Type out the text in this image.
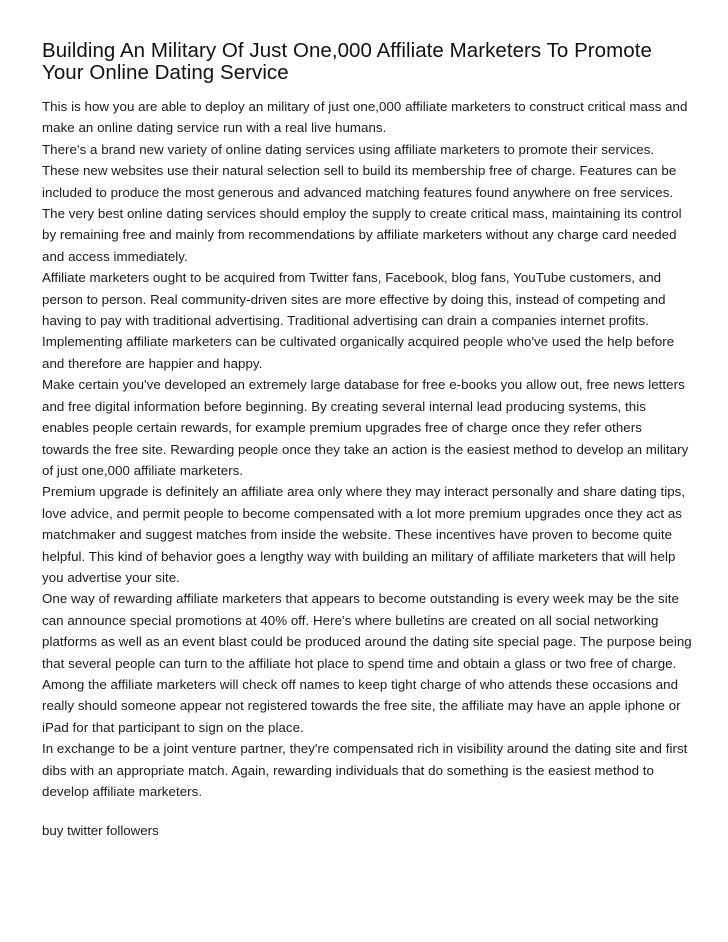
Building An Military Of Just One,000 Affiliate Marketers To Promote Your Online Dating Service

This is how you are able to deploy an military of just one,000 affiliate marketers to construct critical mass and make an online dating service run with a real live humans.

There's a brand new variety of online dating services using affiliate marketers to promote their services. These new websites use their natural selection sell to build its membership free of charge. Features can be included to produce the most generous and advanced matching features found anywhere on free services. The very best online dating services should employ the supply to create critical mass, maintaining its control by remaining free and mainly from recommendations by affiliate marketers without any charge card needed and access immediately.

Affiliate marketers ought to be acquired from Twitter fans, Facebook, blog fans, YouTube customers, and person to person. Real community-driven sites are more effective by doing this, instead of competing and having to pay with traditional advertising. Traditional advertising can drain a companies internet profits. Implementing affiliate marketers can be cultivated organically acquired people who've used the help before and therefore are happier and happy.

Make certain you've developed an extremely large database for free e-books you allow out, free news letters and free digital information before beginning. By creating several internal lead producing systems, this enables people certain rewards, for example premium upgrades free of charge once they refer others towards the free site. Rewarding people once they take an action is the easiest method to develop an military of just one,000 affiliate marketers.

Premium upgrade is definitely an affiliate area only where they may interact personally and share dating tips, love advice, and permit people to become compensated with a lot more premium upgrades once they act as matchmaker and suggest matches from inside the website. These incentives have proven to become quite helpful. This kind of behavior goes a lengthy way with building an military of affiliate marketers that will help you advertise your site.

One way of rewarding affiliate marketers that appears to become outstanding is every week may be the site can announce special promotions at 40% off. Here's where bulletins are created on all social networking platforms as well as an event blast could be produced around the dating site special page. The purpose being that several people can turn to the affiliate hot place to spend time and obtain a glass or two free of charge. Among the affiliate marketers will check off names to keep tight charge of who attends these occasions and really should someone appear not registered towards the free site, the affiliate may have an apple iphone or iPad for that participant to sign on the place.

In exchange to be a joint venture partner, they're compensated rich in visibility around the dating site and first dibs with an appropriate match. Again, rewarding individuals that do something is the easiest method to develop affiliate marketers.

buy twitter followers
